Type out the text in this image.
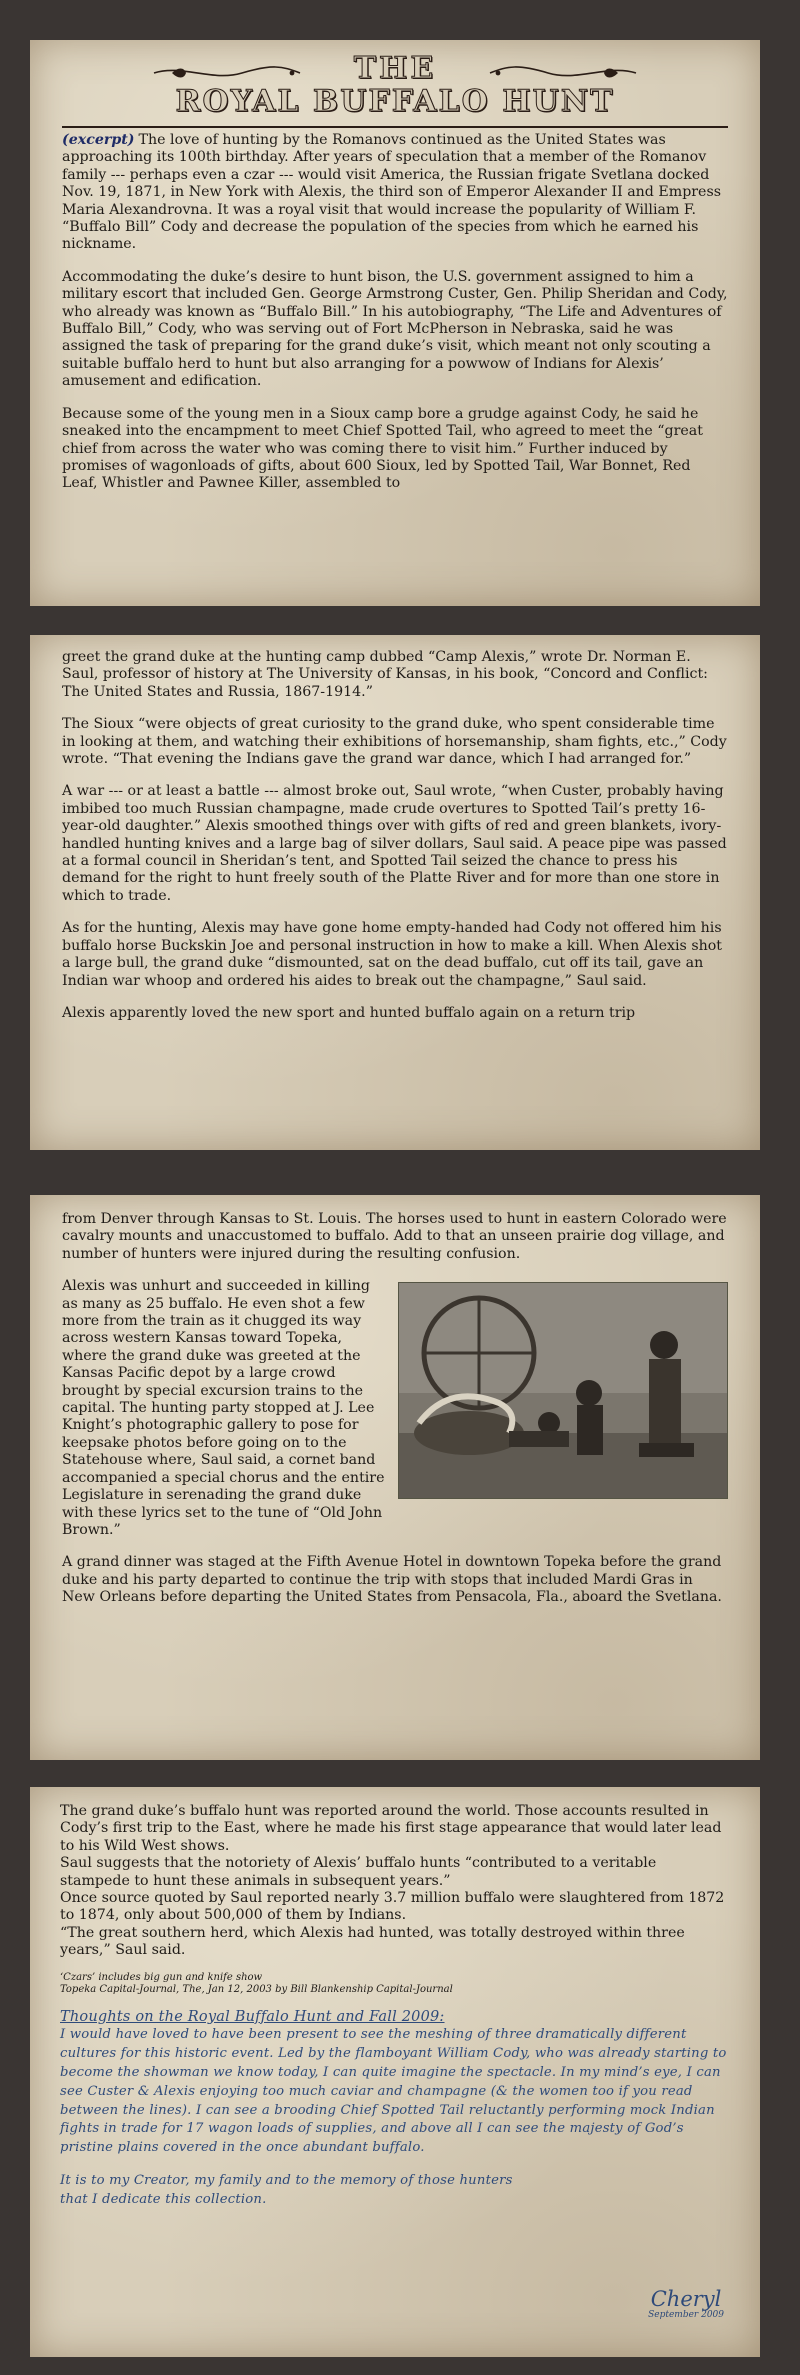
THE
ROYAL BUFFALO HUNT

(excerpt) The love of hunting by the Romanovs continued as the United States was approaching its 100th birthday. After years of speculation that a member of the Romanov family --- perhaps even a czar --- would visit America, the Russian frigate Svetlana docked Nov. 19, 1871, in New York with Alexis, the third son of Emperor Alexander II and Empress Maria Alexandrovna. It was a royal visit that would increase the popularity of William F. “Buffalo Bill” Cody and decrease the population of the species from which he earned his nickname.

Accommodating the duke’s desire to hunt bison, the U.S. government assigned to him a military escort that included Gen. George Armstrong Custer, Gen. Philip Sheridan and Cody, who already was known as “Buffalo Bill.” In his autobiography, “The Life and Adventures of Buffalo Bill,” Cody, who was serving out of Fort McPherson in Nebraska, said he was assigned the task of preparing for the grand duke’s visit, which meant not only scouting a suitable buffalo herd to hunt but also arranging for a powwow of Indians for Alexis’ amusement and edification.

Because some of the young men in a Sioux camp bore a grudge against Cody, he said he sneaked into the encampment to meet Chief Spotted Tail, who agreed to meet the “great chief from across the water who was coming there to visit him.” Further induced by promises of wagonloads of gifts, about 600 Sioux, led by Spotted Tail, War Bonnet, Red Leaf, Whistler and Pawnee Killer, assembled to

greet the grand duke at the hunting camp dubbed “Camp Alexis,” wrote Dr. Norman E. Saul, professor of history at The University of Kansas, in his book, “Concord and Conflict: The United States and Russia, 1867-1914.”

The Sioux “were objects of great curiosity to the grand duke, who spent considerable time in looking at them, and watching their exhibitions of horsemanship, sham fights, etc.,” Cody wrote. “That evening the Indians gave the grand war dance, which I had arranged for.”

A war --- or at least a battle --- almost broke out, Saul wrote, “when Custer, probably having imbibed too much Russian champagne, made crude overtures to Spotted Tail’s pretty 16-year-old daughter.” Alexis smoothed things over with gifts of red and green blankets, ivory-handled hunting knives and a large bag of silver dollars, Saul said. A peace pipe was passed at a formal council in Sheridan’s tent, and Spotted Tail seized the chance to press his demand for the right to hunt freely south of the Platte River and for more than one store in which to trade.

As for the hunting, Alexis may have gone home empty-handed had Cody not offered him his buffalo horse Buckskin Joe and personal instruction in how to make a kill. When Alexis shot a large bull, the grand duke “dismounted, sat on the dead buffalo, cut off its tail, gave an Indian war whoop and ordered his aides to break out the champagne,” Saul said.

Alexis apparently loved the new sport and hunted buffalo again on a return trip

from Denver through Kansas to St. Louis. The horses used to hunt in eastern Colorado were cavalry mounts and unaccustomed to buffalo. Add to that an unseen prairie dog village, and number of hunters were injured during the resulting confusion.

Alexis was unhurt and succeeded in killing as many as 25 buffalo. He even shot a few more from the train as it chugged its way across western Kansas toward Topeka, where the grand duke was greeted at the Kansas Pacific depot by a large crowd brought by special excursion trains to the capital. The hunting party stopped at J. Lee Knight’s photographic gallery to pose for keepsake photos before going on to the Statehouse where, Saul said, a cornet band accompanied a special chorus and the entire Legislature in serenading the grand duke with these lyrics set to the tune of “Old John Brown.”

A grand dinner was staged at the Fifth Avenue Hotel in downtown Topeka before the grand duke and his party departed to continue the trip with stops that included Mardi Gras in New Orleans before departing the United States from Pensacola, Fla., aboard the Svetlana.

The grand duke’s buffalo hunt was reported around the world. Those accounts resulted in Cody’s first trip to the East, where he made his first stage appearance that would later lead to his Wild West shows.

Saul suggests that the notoriety of Alexis’ buffalo hunts “contributed to a veritable stampede to hunt these animals in subsequent years.”

Once source quoted by Saul reported nearly 3.7 million buffalo were slaughtered from 1872 to 1874, only about 500,000 of them by Indians.

“The great southern herd, which Alexis had hunted, was totally destroyed within three years,” Saul said.

‘Czars’ includes big gun and knife show

Topeka Capital-Journal, The, Jan 12, 2003 by Bill Blankenship Capital-Journal

Thoughts on the Royal Buffalo Hunt and Fall 2009:

I would have loved to have been present to see the meshing of three dramatically different cultures for this historic event. Led by the flamboyant William Cody, who was already starting to become the showman we know today, I can quite imagine the spectacle. In my mind’s eye, I can see Custer & Alexis enjoying too much caviar and champagne (& the women too if you read between the lines). I can see a brooding Chief Spotted Tail reluctantly performing mock Indian fights in trade for 17 wagon loads of supplies, and above all I can see the majesty of God’s pristine plains covered in the once abundant buffalo.

It is to my Creator, my family and to the memory of those hunters that I dedicate this collection.

Cheryl
September 2009
